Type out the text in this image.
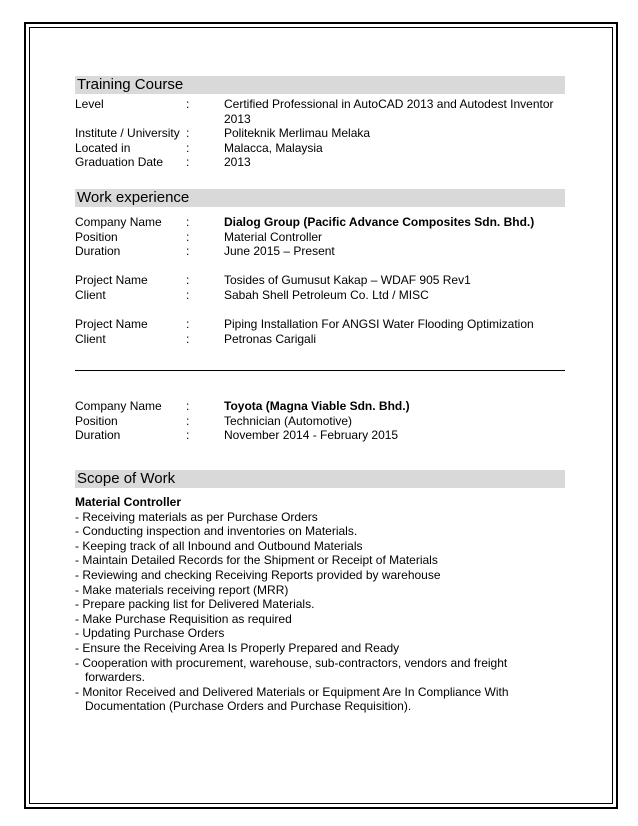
Training Course
Level	:	Certified Professional in AutoCAD 2013 and Autodest Inventor 2013
Institute / University :	Politeknik Merlimau Melaka
Located in	:	Malacca, Malaysia
Graduation Date	:	2013
Work experience
Company Name	:	Dialog Group (Pacific Advance Composites Sdn. Bhd.)
Position	:	Material Controller
Duration	:	June 2015 – Present
Project Name	:	Tosides of Gumusut Kakap – WDAF 905 Rev1
Client	:	Sabah Shell Petroleum Co. Ltd / MISC
Project Name	:	Piping Installation For ANGSI Water Flooding Optimization
Client	:	Petronas Carigali
Company Name	:	Toyota (Magna Viable Sdn. Bhd.)
Position	:	Technician (Automotive)
Duration	:	November 2014 - February 2015
Scope of Work
Material Controller
- Receiving materials as per Purchase Orders
- Conducting inspection and inventories on Materials.
- Keeping track of all Inbound and Outbound Materials
- Maintain Detailed Records for the Shipment or Receipt of Materials
- Reviewing and checking Receiving Reports provided by warehouse
- Make materials receiving report (MRR)
- Prepare packing list for Delivered Materials.
- Make Purchase Requisition as required
- Updating Purchase Orders
- Ensure the Receiving Area Is Properly Prepared and Ready
- Cooperation with procurement, warehouse, sub-contractors, vendors and freight forwarders.
- Monitor Received and Delivered Materials or Equipment Are In Compliance With Documentation (Purchase Orders and Purchase Requisition).
